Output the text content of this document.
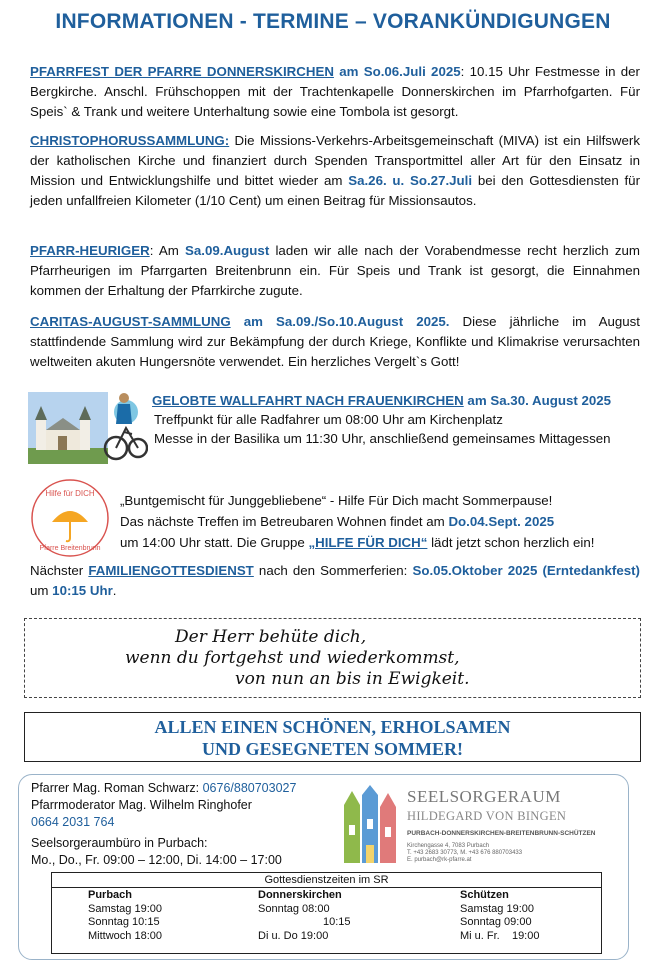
INFORMATIONEN - TERMINE – VORANKÜNDIGUNGEN
PFARRFEST DER PFARRE DONNERSKIRCHEN am So.06.Juli 2025: 10.15 Uhr Festmesse in der Bergkirche. Anschl. Frühschoppen mit der Trachtenkapelle Donnerskirchen im Pfarrhofgarten. Für Speis` & Trank und weitere Unterhaltung sowie eine Tombola ist gesorgt.
CHRISTOPHORUSSAMMLUNG: Die Missions-Verkehrs-Arbeitsgemeinschaft (MIVA) ist ein Hilfswerk der katholischen Kirche und finanziert durch Spenden Transportmittel aller Art für den Einsatz in Mission und Entwicklungshilfe und bittet wieder am Sa.26. u. So.27.Juli bei den Gottesdiensten für jeden unfallfreien Kilometer (1/10 Cent) um einen Beitrag für Missionsautos.
PFARR-HEURIGER: Am Sa.09.August laden wir alle nach der Vorabendmesse recht herzlich zum Pfarrheurigen im Pfarrgarten Breitenbrunn ein. Für Speis und Trank ist gesorgt, die Einnahmen kommen der Erhaltung der Pfarrkirche zugute.
CARITAS-AUGUST-SAMMLUNG am Sa.09./So.10.August 2025. Diese jährliche im August stattfindende Sammlung wird zur Bekämpfung der durch Kriege, Konflikte und Klimakrise verursachten weltweiten akuten Hungersnöte verwendet. Ein herzliches Vergelt`s Gott!
GELOBTE WALLFAHRT NACH FRAUENKIRCHEN am Sa.30. August 2025
Treffpunkt für alle Radfahrer um 08:00 Uhr am Kirchenplatz
Messe in der Basilika um 11:30 Uhr, anschließend gemeinsames Mittagessen
Hilfe für DICH
Pfarre Breitenbrunn
„Buntgemischt für Junggebliebene“ - Hilfe Für Dich macht Sommerpause!
Das nächste Treffen im Betreubaren Wohnen findet am Do.04.Sept. 2025
um 14:00 Uhr statt. Die Gruppe „HILFE FÜR DICH“ lädt jetzt schon herzlich ein!
Nächster FAMILIENGOTTESDIENST nach den Sommerferien: So.05.Oktober 2025 (Erntedankfest) um 10:15 Uhr.
Der Herr behüte dich,
wenn du fortgehst und wiederkommst,
von nun an bis in Ewigkeit.
ALLEN EINEN SCHÖNEN, ERHOLSAMEN
UND GESEGNETEN SOMMER!
Pfarrer Mag. Roman Schwarz: 0676/880703027
Pfarrmoderator Mag. Wilhelm Ringhofer
0664 2031 764
Seelsorgeraumbüro in Purbach:
Mo., Do., Fr. 09:00 – 12:00, Di. 14:00 – 17:00
SEELSORGERAUM
HILDEGARD VON BINGEN
PURBACH-DONNERSKIRCHEN-BREITENBRUNN-SCHÜTZEN
Kirchengasse 4, 7083 Purbach
T. +43 2683 30773, M. +43 676 880703433
E. purbach@rk-pfarre.at
Gottesdienstzeiten im SR
Purbach
Samstag 19:00
Sonntag 10:15
Mittwoch 18:00
Donnerskirchen
Sonntag 08:00
10:15
Di u. Do 19:00
Schützen
Samstag 19:00
Sonntag 09:00
Mi u. Fr.    19:00
